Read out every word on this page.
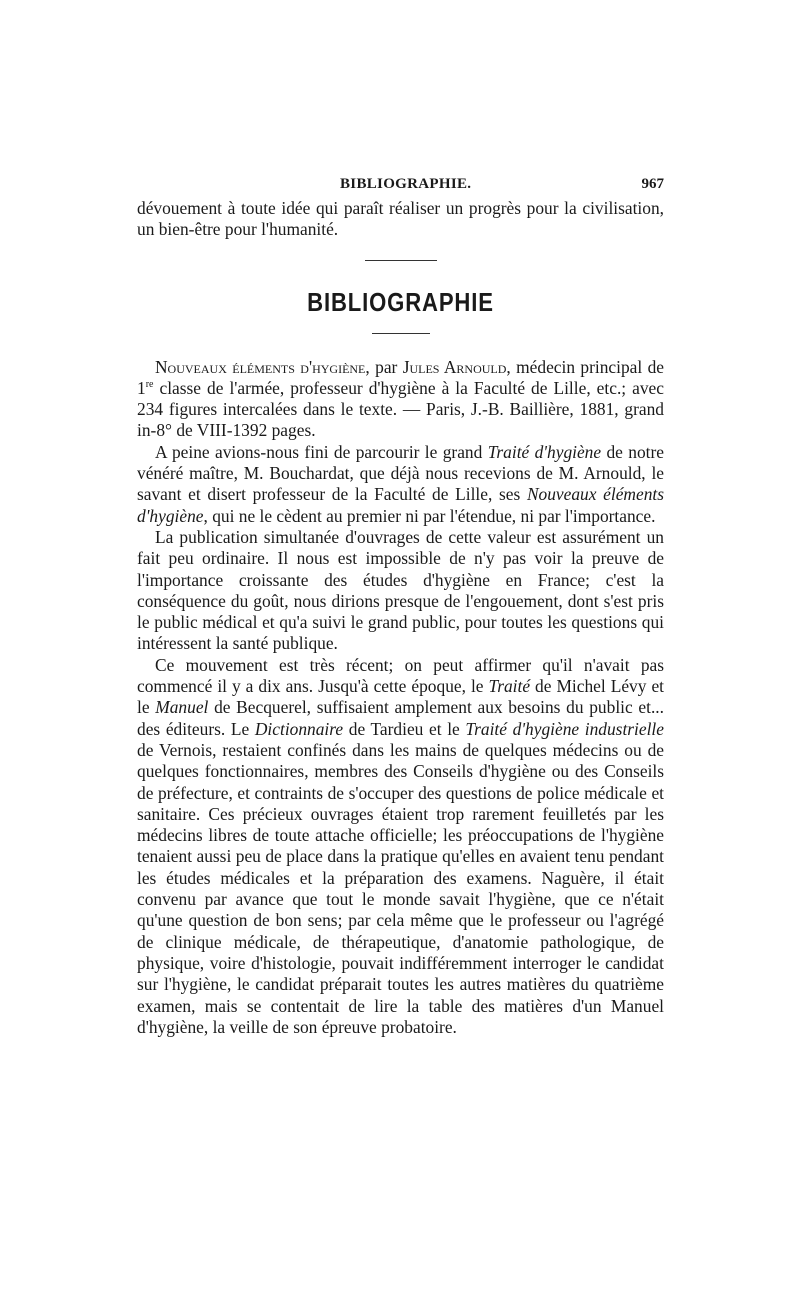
BIBLIOGRAPHIE.	967

dévouement à toute idée qui paraît réaliser un progrès pour la civilisation, un bien-être pour l'humanité.

BIBLIOGRAPHIE

Nouveaux éléments d'hygiène, par Jules Arnould, médecin principal de 1re classe de l'armée, professeur d'hygiène à la Faculté de Lille, etc.; avec 234 figures intercalées dans le texte. — Paris, J.-B. Baillière, 1881, grand in-8° de VIII-1392 pages.

A peine avions-nous fini de parcourir le grand Traité d'hygiène de notre vénéré maître, M. Bouchardat, que déjà nous recevions de M. Arnould, le savant et disert professeur de la Faculté de Lille, ses Nouveaux éléments d'hygiène, qui ne le cèdent au premier ni par l'étendue, ni par l'importance.

La publication simultanée d'ouvrages de cette valeur est assurément un fait peu ordinaire. Il nous est impossible de n'y pas voir la preuve de l'importance croissante des études d'hygiène en France; c'est la conséquence du goût, nous dirions presque de l'engouement, dont s'est pris le public médical et qu'a suivi le grand public, pour toutes les questions qui intéressent la santé publique.

Ce mouvement est très récent; on peut affirmer qu'il n'avait pas commencé il y a dix ans. Jusqu'à cette époque, le Traité de Michel Lévy et le Manuel de Becquerel, suffisaient amplement aux besoins du public et... des éditeurs. Le Dictionnaire de Tardieu et le Traité d'hygiène industrielle de Vernois, restaient confinés dans les mains de quelques médecins ou de quelques fonctionnaires, membres des Conseils d'hygiène ou des Conseils de préfecture, et contraints de s'occuper des questions de police médicale et sanitaire. Ces précieux ouvrages étaient trop rarement feuilletés par les médecins libres de toute attache officielle; les préoccupations de l'hygiène tenaient aussi peu de place dans la pratique qu'elles en avaient tenu pendant les études médicales et la préparation des examens. Naguère, il était convenu par avance que tout le monde savait l'hygiène, que ce n'était qu'une question de bon sens; par cela même que le professeur ou l'agrégé de clinique médicale, de thérapeutique, d'anatomie pathologique, de physique, voire d'histologie, pouvait indifféremment interroger le candidat sur l'hygiène, le candidat préparait toutes les autres matières du quatrième examen, mais se contentait de lire la table des matières d'un Manuel d'hygiène, la veille de son épreuve probatoire.
